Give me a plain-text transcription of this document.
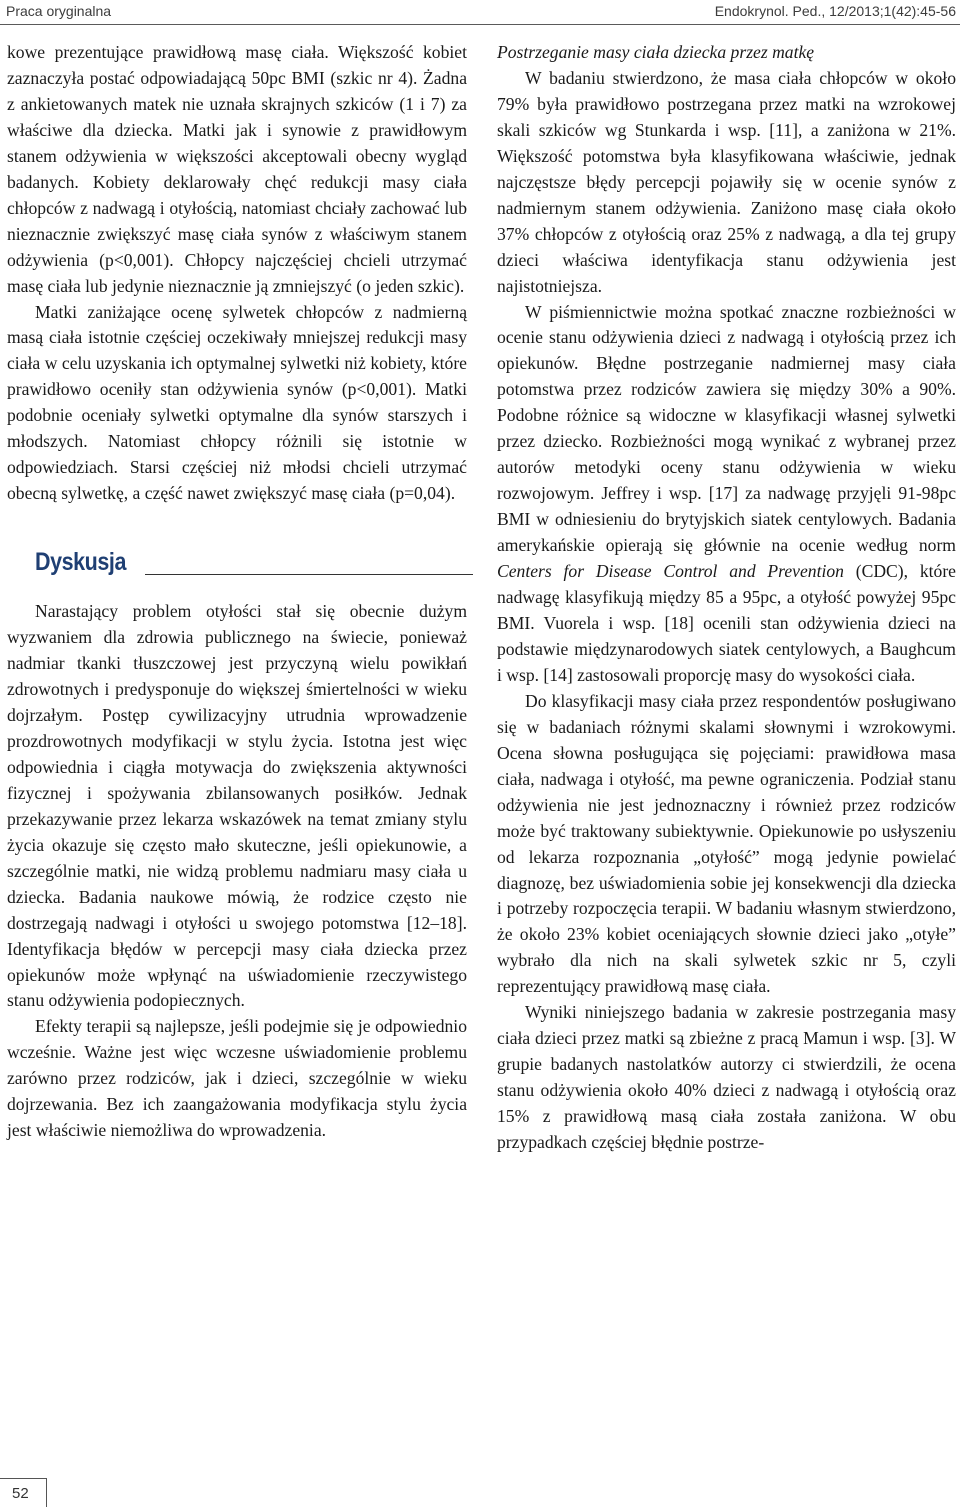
Praca oryginalna	Endokrynol. Ped., 12/2013;1(42):45-56

kowe prezentujące prawidłową masę ciała. Większość kobiet zaznaczyła postać odpowiadającą 50pc BMI (szkic nr 4). Żadna z ankietowanych matek nie uznała skrajnych szkiców (1 i 7) za właściwe dla dziecka. Matki jak i synowie z prawidłowym stanem odżywienia w większości akceptowali obecny wygląd badanych. Kobiety deklarowały chęć redukcji masy ciała chłopców z nadwagą i otyłością, natomiast chciały zachować lub nieznacznie zwiększyć masę ciała synów z właściwym stanem odżywienia (p<0,001). Chłopcy najczęściej chcieli utrzymać masę ciała lub jedynie nieznacznie ją zmniejszyć (o jeden szkic).

Matki zaniżające ocenę sylwetek chłopców z nadmierną masą ciała istotnie częściej oczekiwały mniejszej redukcji masy ciała w celu uzyskania ich optymalnej sylwetki niż kobiety, które prawidłowo oceniły stan odżywienia synów (p<0,001). Matki podobnie oceniały sylwetki optymalne dla synów starszych i młodszych. Natomiast chłopcy różnili się istotnie w odpowiedziach. Starsi częściej niż młodsi chcieli utrzymać obecną sylwetkę, a część nawet zwiększyć masę ciała (p=0,04).

Dyskusja

Narastający problem otyłości stał się obecnie dużym wyzwaniem dla zdrowia publicznego na świecie, ponieważ nadmiar tkanki tłuszczowej jest przyczyną wielu powikłań zdrowotnych i predysponuje do większej śmiertelności w wieku dojrzałym. Postęp cywilizacyjny utrudnia wprowadzenie prozdrowotnych modyfikacji w stylu życia. Istotna jest więc odpowiednia i ciągła motywacja do zwiększenia aktywności fizycznej i spożywania zbilansowanych posiłków. Jednak przekazywanie przez lekarza wskazówek na temat zmiany stylu życia okazuje się często mało skuteczne, jeśli opiekunowie, a szczególnie matki, nie widzą problemu nadmiaru masy ciała u dziecka. Badania naukowe mówią, że rodzice często nie dostrzegają nadwagi i otyłości u swojego potomstwa [12–18]. Identyfikacja błędów w percepcji masy ciała dziecka przez opiekunów może wpłynąć na uświadomienie rzeczywistego stanu odżywienia podopiecznych.

Efekty terapii są najlepsze, jeśli podejmie się je odpowiednio wcześnie. Ważne jest więc wczesne uświadomienie problemu zarówno przez rodziców, jak i dzieci, szczególnie w wieku dojrzewania. Bez ich zaangażowania modyfikacja stylu życia jest właściwie niemożliwa do wprowadzenia.

Postrzeganie masy ciała dziecka przez matkę

W badaniu stwierdzono, że masa ciała chłopców w około 79% była prawidłowo postrzegana przez matki na wzrokowej skali szkiców wg Stunkarda i wsp. [11], a zaniżona w 21%. Większość potomstwa była klasyfikowana właściwie, jednak najczęstsze błędy percepcji pojawiły się w ocenie synów z nadmiernym stanem odżywienia. Zaniżono masę ciała około 37% chłopców z otyłością oraz 25% z nadwagą, a dla tej grupy dzieci właściwa identyfikacja stanu odżywienia jest najistotniejsza.

W piśmiennictwie można spotkać znaczne rozbieżności w ocenie stanu odżywienia dzieci z nadwagą i otyłością przez ich opiekunów. Błędne postrzeganie nadmiernej masy ciała potomstwa przez rodziców zawiera się między 30% a 90%. Podobne różnice są widoczne w klasyfikacji własnej sylwetki przez dziecko. Rozbieżności mogą wynikać z wybranej przez autorów metodyki oceny stanu odżywienia w wieku rozwojowym. Jeffrey i wsp. [17] za nadwagę przyjęli 91-98pc BMI w odniesieniu do brytyjskich siatek centylowych. Badania amerykańskie opierają się głównie na ocenie według norm Centers for Disease Control and Prevention (CDC), które nadwagę klasyfikują między 85 a 95pc, a otyłość powyżej 95pc BMI. Vuorela i wsp. [18] ocenili stan odżywienia dzieci na podstawie międzynarodowych siatek centylowych, a Baughcum i wsp. [14] zastosowali proporcję masy do wysokości ciała.

Do klasyfikacji masy ciała przez respondentów posługiwano się w badaniach różnymi skalami słownymi i wzrokowymi. Ocena słowna posługująca się pojęciami: prawidłowa masa ciała, nadwaga i otyłość, ma pewne ograniczenia. Podział stanu odżywienia nie jest jednoznaczny i również przez rodziców może być traktowany subiektywnie. Opiekunowie po usłyszeniu od lekarza rozpoznania „otyłość” mogą jedynie powielać diagnozę, bez uświadomienia sobie jej konsekwencji dla dziecka i potrzeby rozpoczęcia terapii. W badaniu własnym stwierdzono, że około 23% kobiet oceniających słownie dzieci jako „otyłe” wybrało dla nich na skali sylwetek szkic nr 5, czyli reprezentujący prawidłową masę ciała.

Wyniki niniejszego badania w zakresie postrzegania masy ciała dzieci przez matki są zbieżne z pracą Mamun i wsp. [3]. W grupie badanych nastolatków autorzy ci stwierdzili, że ocena stanu odżywienia około 40% dzieci z nadwagą i otyłością oraz 15% z prawidłową masą ciała została zaniżona. W obu przypadkach częściej błędnie postrze-

52
